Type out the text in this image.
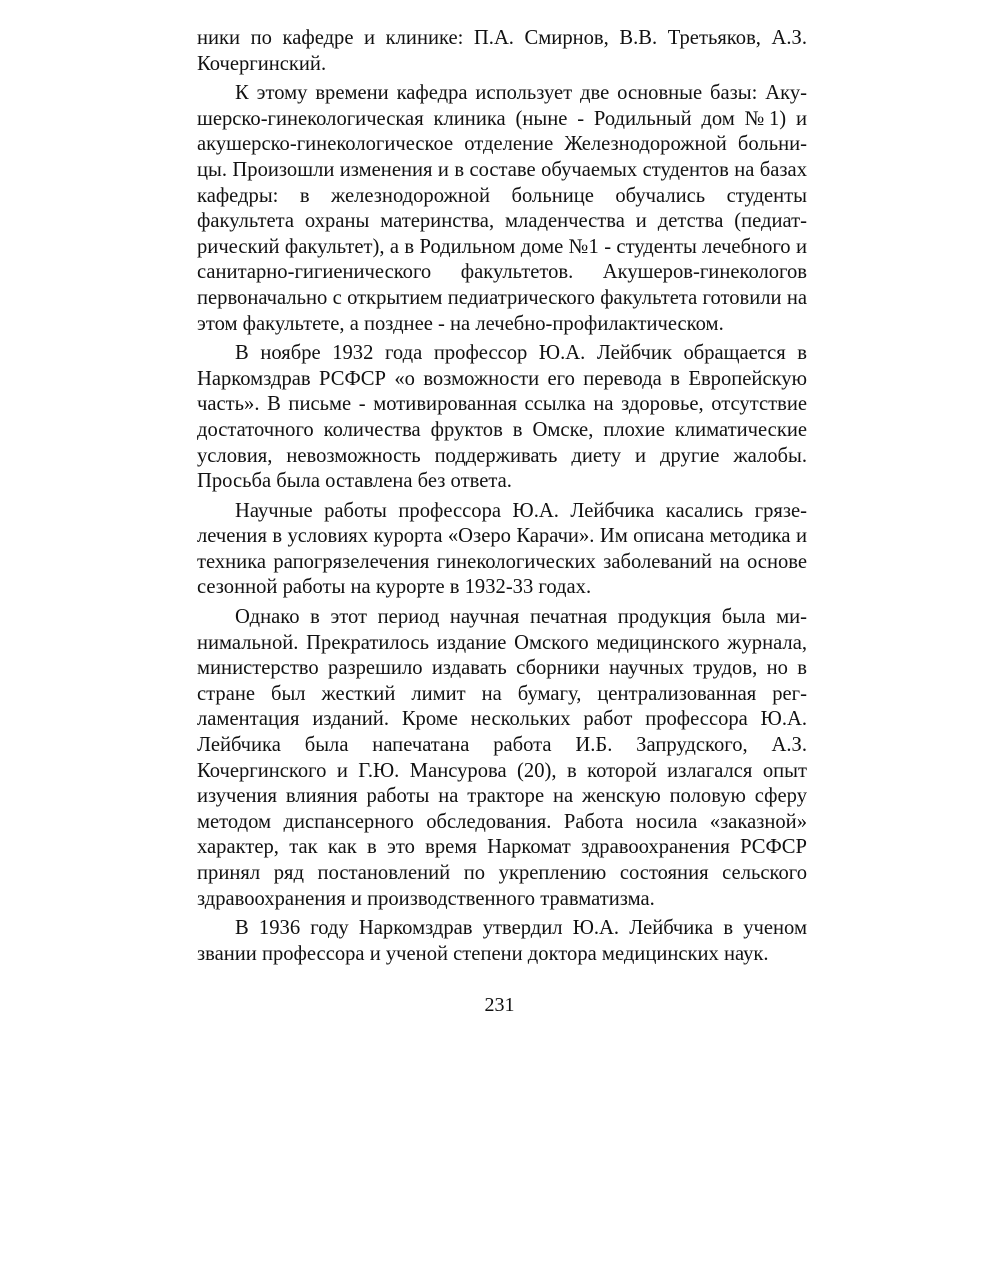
ники по кафедре и клинике: П.А. Смирнов, В.В. Третьяков, А.З. Кочергинский.

К этому времени кафедра использует две основные базы: Акушерско-гинекологическая клиника (ныне - Родильный дом №1) и акушерско-гинекологическое отделение Железнодорожной больницы. Произошли изменения и в составе обучаемых студентов на базах кафедры: в железнодорожной больнице обучались студенты факультета охраны материнства, младенчества и детства (педиатрический факультет), а в Родильном доме №1 - студенты лечебного и санитарно-гигиенического факультетов. Акушеров-гинекологов первоначально с открытием педиатрического факультета готовили на этом факультете, а позднее - на лечебно-профилактическом.

В ноябре 1932 года профессор Ю.А. Лейбчик обращается в Наркомздрав РСФСР «о возможности его перевода в Европейскую часть». В письме - мотивированная ссылка на здоровье, отсутствие достаточного количества фруктов в Омске, плохие климатические условия, невозможность поддерживать диету и другие жалобы. Просьба была оставлена без ответа.

Научные работы профессора Ю.А. Лейбчика касались грязелечения в условиях курорта «Озеро Карачи». Им описана методика и техника рапогрязелечения гинекологических заболеваний на основе сезонной работы на курорте в 1932-33 годах.

Однако в этот период научная печатная продукция была минимальной. Прекратилось издание Омского медицинского журнала, министерство разрешило издавать сборники научных трудов, но в стране был жесткий лимит на бумагу, централизованная регламентация изданий. Кроме нескольких работ профессора Ю.А. Лейбчика была напечатана работа И.Б. Запрудского, А.З. Кочергинского и Г.Ю. Мансурова (20), в которой излагался опыт изучения влияния работы на тракторе на женскую половую сферу методом диспансерного обследования. Работа носила «заказной» характер, так как в это время Наркомат здравоохранения РСФСР принял ряд постановлений по укреплению состояния сельского здравоохранения и производственного травматизма.

В 1936 году Наркомздрав утвердил Ю.А. Лейбчика в ученом звании профессора и ученой степени доктора медицинских наук.

231
